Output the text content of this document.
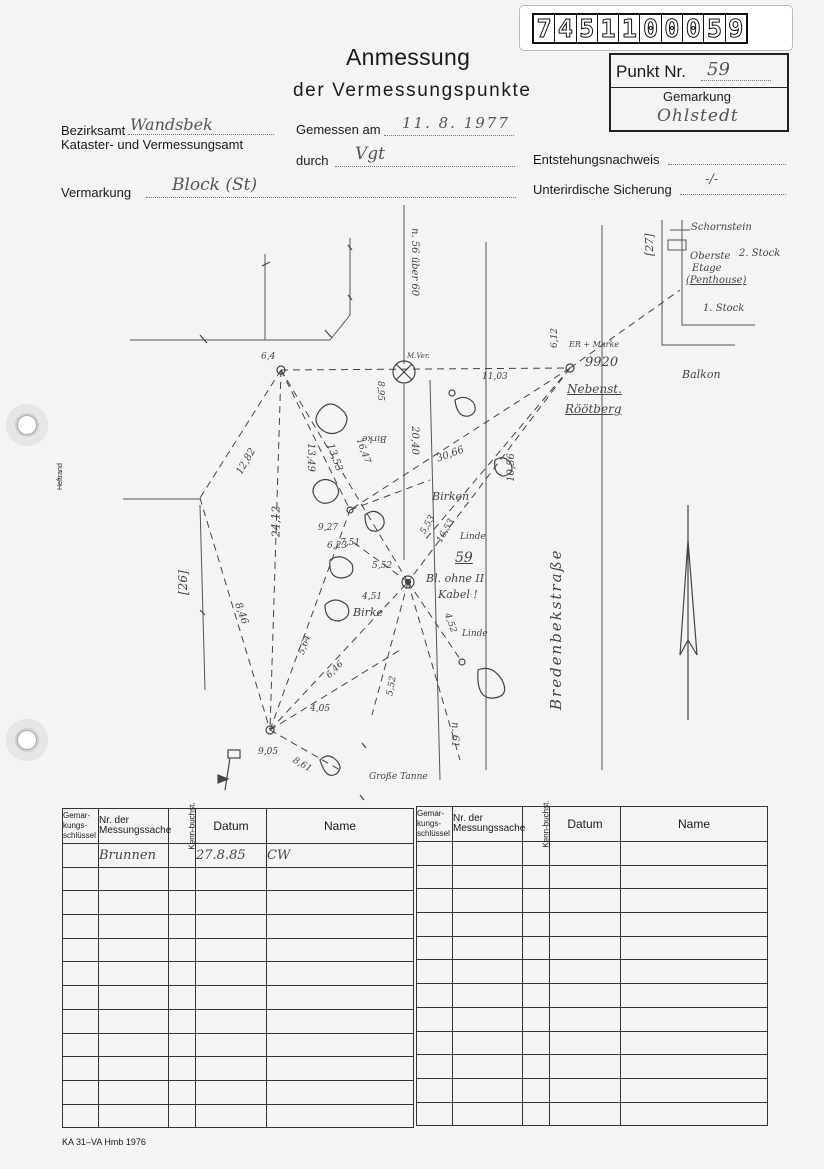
7 4 5 1 1 0 0 0 5 9
Anmessung
der Vermessungspunkte
Punkt Nr. 59
Gemarkung
Ohlstedt
Bezirksamt Wandsbek
Kataster- und Vermessungsamt
Gemessen am 11. 8. 1977
durch Vgt	Entstehungsnachweis
Vermarkung Block (St)	Unterirdische Sicherung
-/-
Heftrand
Schornstein
Oberste
Etage
(Penthouse)
2. Stock
1. Stock
Balkon
ER + Marke
9920
Nebenst.
Röötberg
Birke
Birken
Linde
Linde
Birke
59
Bl. ohne II
Kabel !
Große Tanne
Bredenbekstraße
n. 56 über 60
n. 61
[26]
[27]
M.Ver.
12,82	13,49 13,53
24,12
20,40 30,66	10,56
11,03
8,95
9,27
6,23
7,51
4,51
4,05
5,64
6,46
5,52
4,52
8,46
5,53
16,53
9,05
8,61
6,12
16,47
6,4
5,52
Gemar-kungs-schlüssel	Nr. der Messungssache	Kenn-buchst.	Datum	Name
	Brunnen		27.8.85	CW

Gemar-kungs-schlüssel	Nr. der Messungssache	Kenn-buchst.	Datum	Name

KA 31–VA Hmb 1976
